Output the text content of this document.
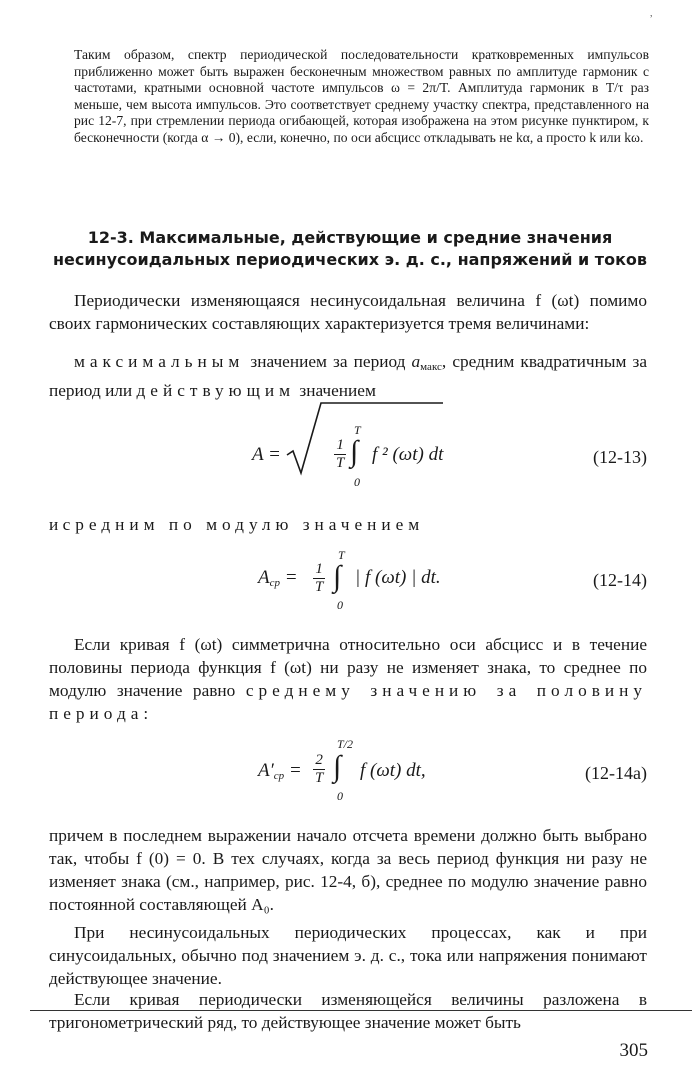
,

Таким образом, спектр периодической последовательности кратковременных импульсов приближенно может быть выражен бесконечным множеством равных по амплитуде гармоник с частотами, кратными основной частоте импульсов ω = 2π/T. Амплитуда гармоник в T/τ раз меньше, чем высота импульсов. Это соответствует среднему участку спектра, представленного на рис 12-7, при стремлении периода огибающей, которая изображена на этом рисунке пунктиром, к бесконечности (когда α → 0), если, конечно, по оси абсцисс откладывать не kα, а просто k или kω.

12-3. Максимальные, действующие и средние значения
несинусоидальных периодических э. д. с., напряжений и токов

Периодически изменяющаяся несинусоидальная величина f (ωt) помимо своих гармонических составляющих характеризуется тремя величинами:

максимальным значением за период $a_{макс}$, средним квадратичным за период или действующим значением

A =	$\frac{1}{T}$
T
∫
0
f ² (ωt) dt	(12-13)

и средним по модулю значением

$A_{ср} = \frac{1}{T}$
T
∫
0
| f (ωt) | dt.	(12-14)

Если кривая f (ωt) симметрична относительно оси абсцисс и в течение половины периода функция f (ωt) ни разу не изменяет знака, то среднее по модулю значение равно среднему значению за половину периода:

$A'_{ср} = \frac{2}{T}$
T/2
∫
0
f (ωt) dt,	(12-14a)

причем в последнем выражении начало отсчета времени должно быть выбрано так, чтобы f (0) = 0. В тех случаях, когда за весь период функция ни разу не изменяет знака (см., например, рис. 12-4, б), среднее по модулю значение равно постоянной составляющей A₀.

При несинусоидальных периодических процессах, как и при синусоидальных, обычно под значением э. д. с., тока или напряжения понимают действующее значение.

Если кривая периодически изменяющейся величины разложена в тригонометрический ряд, то действующее значение может быть

305
